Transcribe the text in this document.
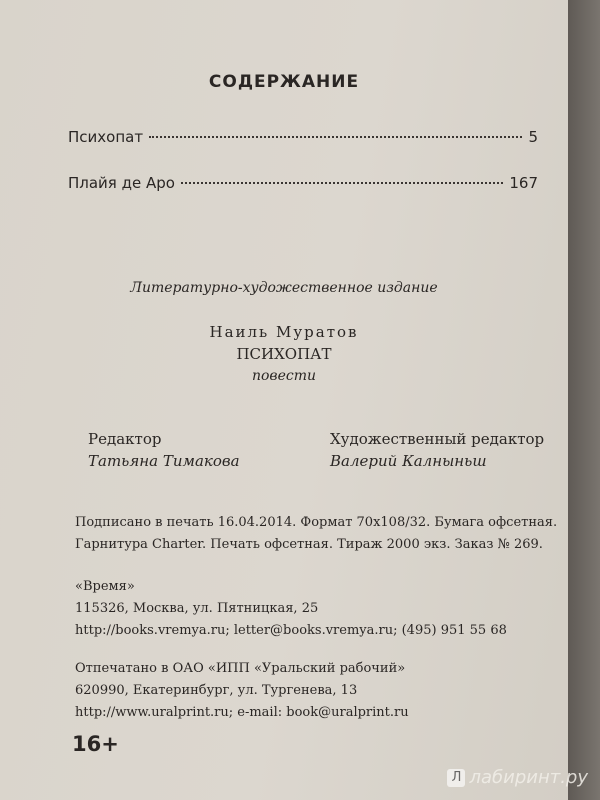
СОДЕРЖАНИЕ
Психопат	5
Плайя де Аро	167
Литературно-художественное издание
Наиль Муратов
ПСИХОПАТ
повести
Редактор
Татьяна Тимакова
Художественный редактор
Валерий Калныньш
Подписано в печать 16.04.2014. Формат 70х108/32. Бумага офсетная.
Гарнитура Charter. Печать офсетная. Тираж 2000 экз. Заказ № 269.
«Время»
115326, Москва, ул. Пятницкая, 25
http://books.vremya.ru; letter@books.vremya.ru; (495) 951 55 68
Отпечатано в ОАО «ИПП «Уральский рабочий»
620990, Екатеринбург, ул. Тургенева, 13
http://www.uralprint.ru; e-mail: book@uralprint.ru
16+
Л лабиринт.ру
